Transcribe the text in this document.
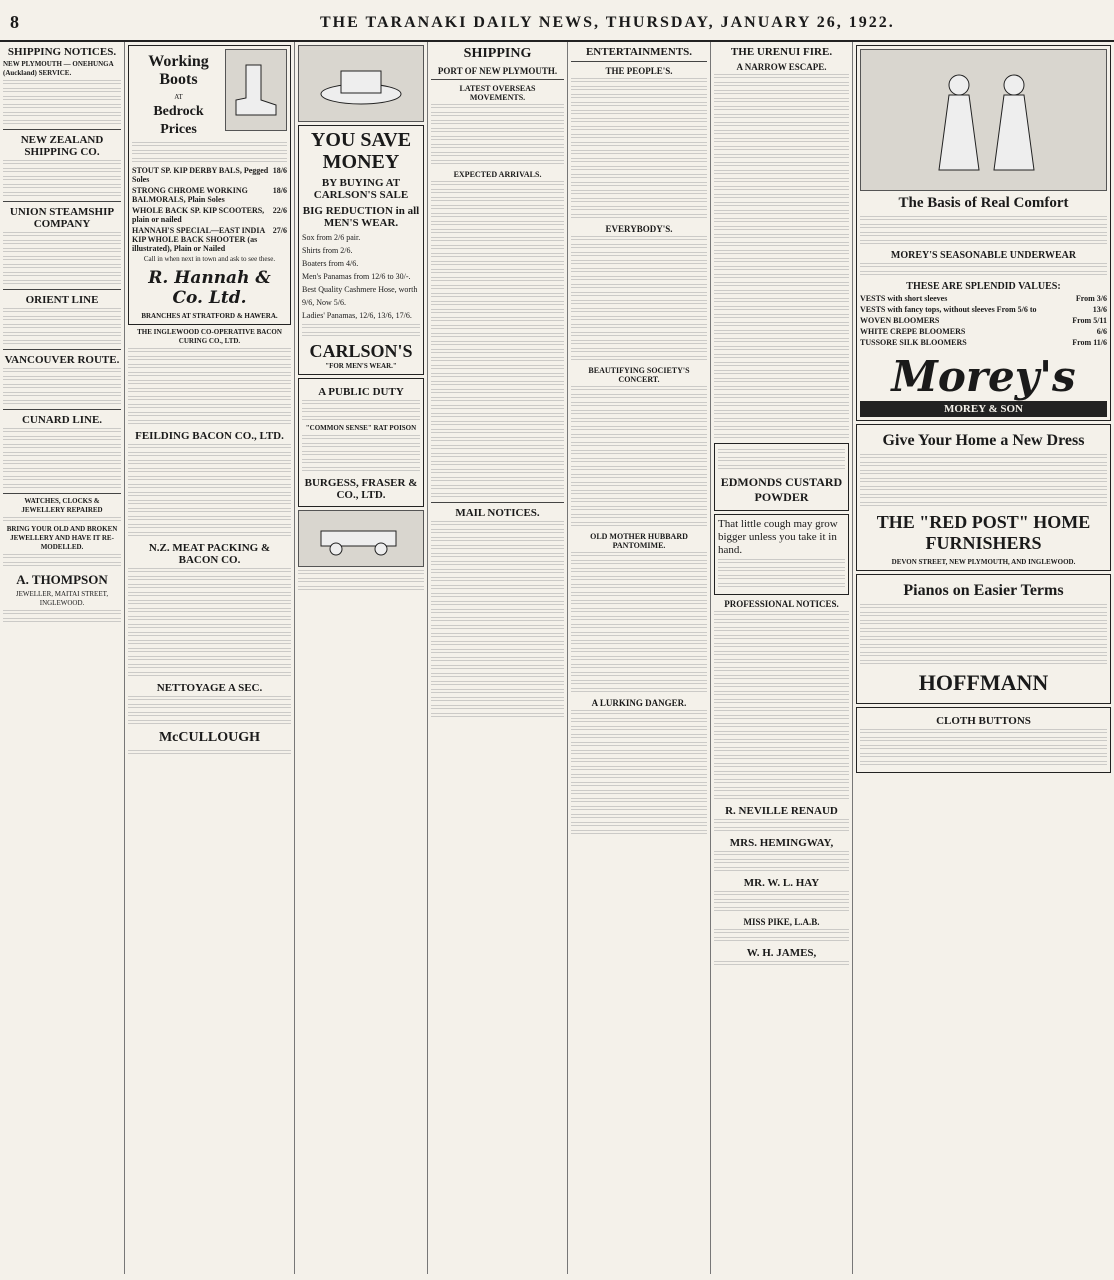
8	THE TARANAKI DAILY NEWS, THURSDAY, JANUARY 26, 1922.
SHIPPING NOTICES.
NEW PLYMOUTH — ONEHUNGA (Auckland) SERVICE.
NEW ZEALAND SHIPPING CO.
UNION STEAMSHIP COMPANY
ORIENT LINE
VANCOUVER ROUTE.
CUNARD LINE.
WATCHES, CLOCKS & JEWELLERY REPAIRED
BRING YOUR OLD AND BROKEN JEWELLERY AND HAVE IT RE-MODELLED.
A. THOMPSON
JEWELLER, MAITAI STREET, INGLEWOOD.
Working Boots
AT
Bedrock
Prices
STOUT SP. KIP DERBY BALS, Pegged Soles
18/6
STRONG CHROME WORKING BALMORALS, Plain Soles
18/6
WHOLE BACK SP. KIP SCOOTERS, plain or nailed
22/6
HANNAH'S SPECIAL—EAST INDIA KIP WHOLE BACK SHOOTER (as illustrated), Plain or Nailed
27/6
Call in when next in town and ask to see these.
R. Hannah & Co. Ltd.
BRANCHES AT STRATFORD & HAWERA.
THE INGLEWOOD CO-OPERATIVE BACON CURING CO., LTD.
FEILDING BACON CO., LTD.
N.Z. MEAT PACKING & BACON CO.
NETTOYAGE A SEC.
McCULLOUGH
YOU SAVE MONEY
BY BUYING AT CARLSON'S SALE
BIG REDUCTION in all MEN'S WEAR.
Sox from 2/6 pair.
Shirts from 2/6.
Boaters from 4/6.
Men's Panamas from 12/6 to 30/-.
Best Quality Cashmere Hose, worth 9/6, Now 5/6.
Ladies' Panamas, 12/6, 13/6, 17/6.
CARLSON'S
"FOR MEN'S WEAR."
A PUBLIC DUTY
"COMMON SENSE" RAT POISON
BURGESS, FRASER & CO., LTD.
SHIPPING
PORT OF NEW PLYMOUTH.
LATEST OVERSEAS MOVEMENTS.
EXPECTED ARRIVALS.
MAIL NOTICES.
ENTERTAINMENTS.
THE PEOPLE'S.
EVERYBODY'S.
BEAUTIFYING SOCIETY'S CONCERT.
OLD MOTHER HUBBARD PANTOMIME.
A LURKING DANGER.
THE URENUI FIRE.
A NARROW ESCAPE.
EDMONDS CUSTARD POWDER
That little cough may grow bigger unless you take it in hand.
PROFESSIONAL NOTICES.
R. NEVILLE RENAUD
MRS. HEMINGWAY,
MR. W. L. HAY
MISS PIKE, L.A.B.
W. H. JAMES,
The Basis of Real Comfort
MOREY'S SEASONABLE UNDERWEAR
THESE ARE SPLENDID VALUES:
VESTS with short sleeves	From 3/6
VESTS with fancy tops, without sleeves From 5/6 to	13/6
WOVEN BLOOMERS	From 5/11
WHITE CREPE BLOOMERS	6/6
TUSSORE SILK BLOOMERS	From 11/6
Morey's
MOREY & SON
Give Your Home a New Dress
THE "RED POST" HOME FURNISHERS
DEVON STREET, NEW PLYMOUTH, AND INGLEWOOD.
Pianos on Easier Terms
HOFFMANN
CLOTH BUTTONS
